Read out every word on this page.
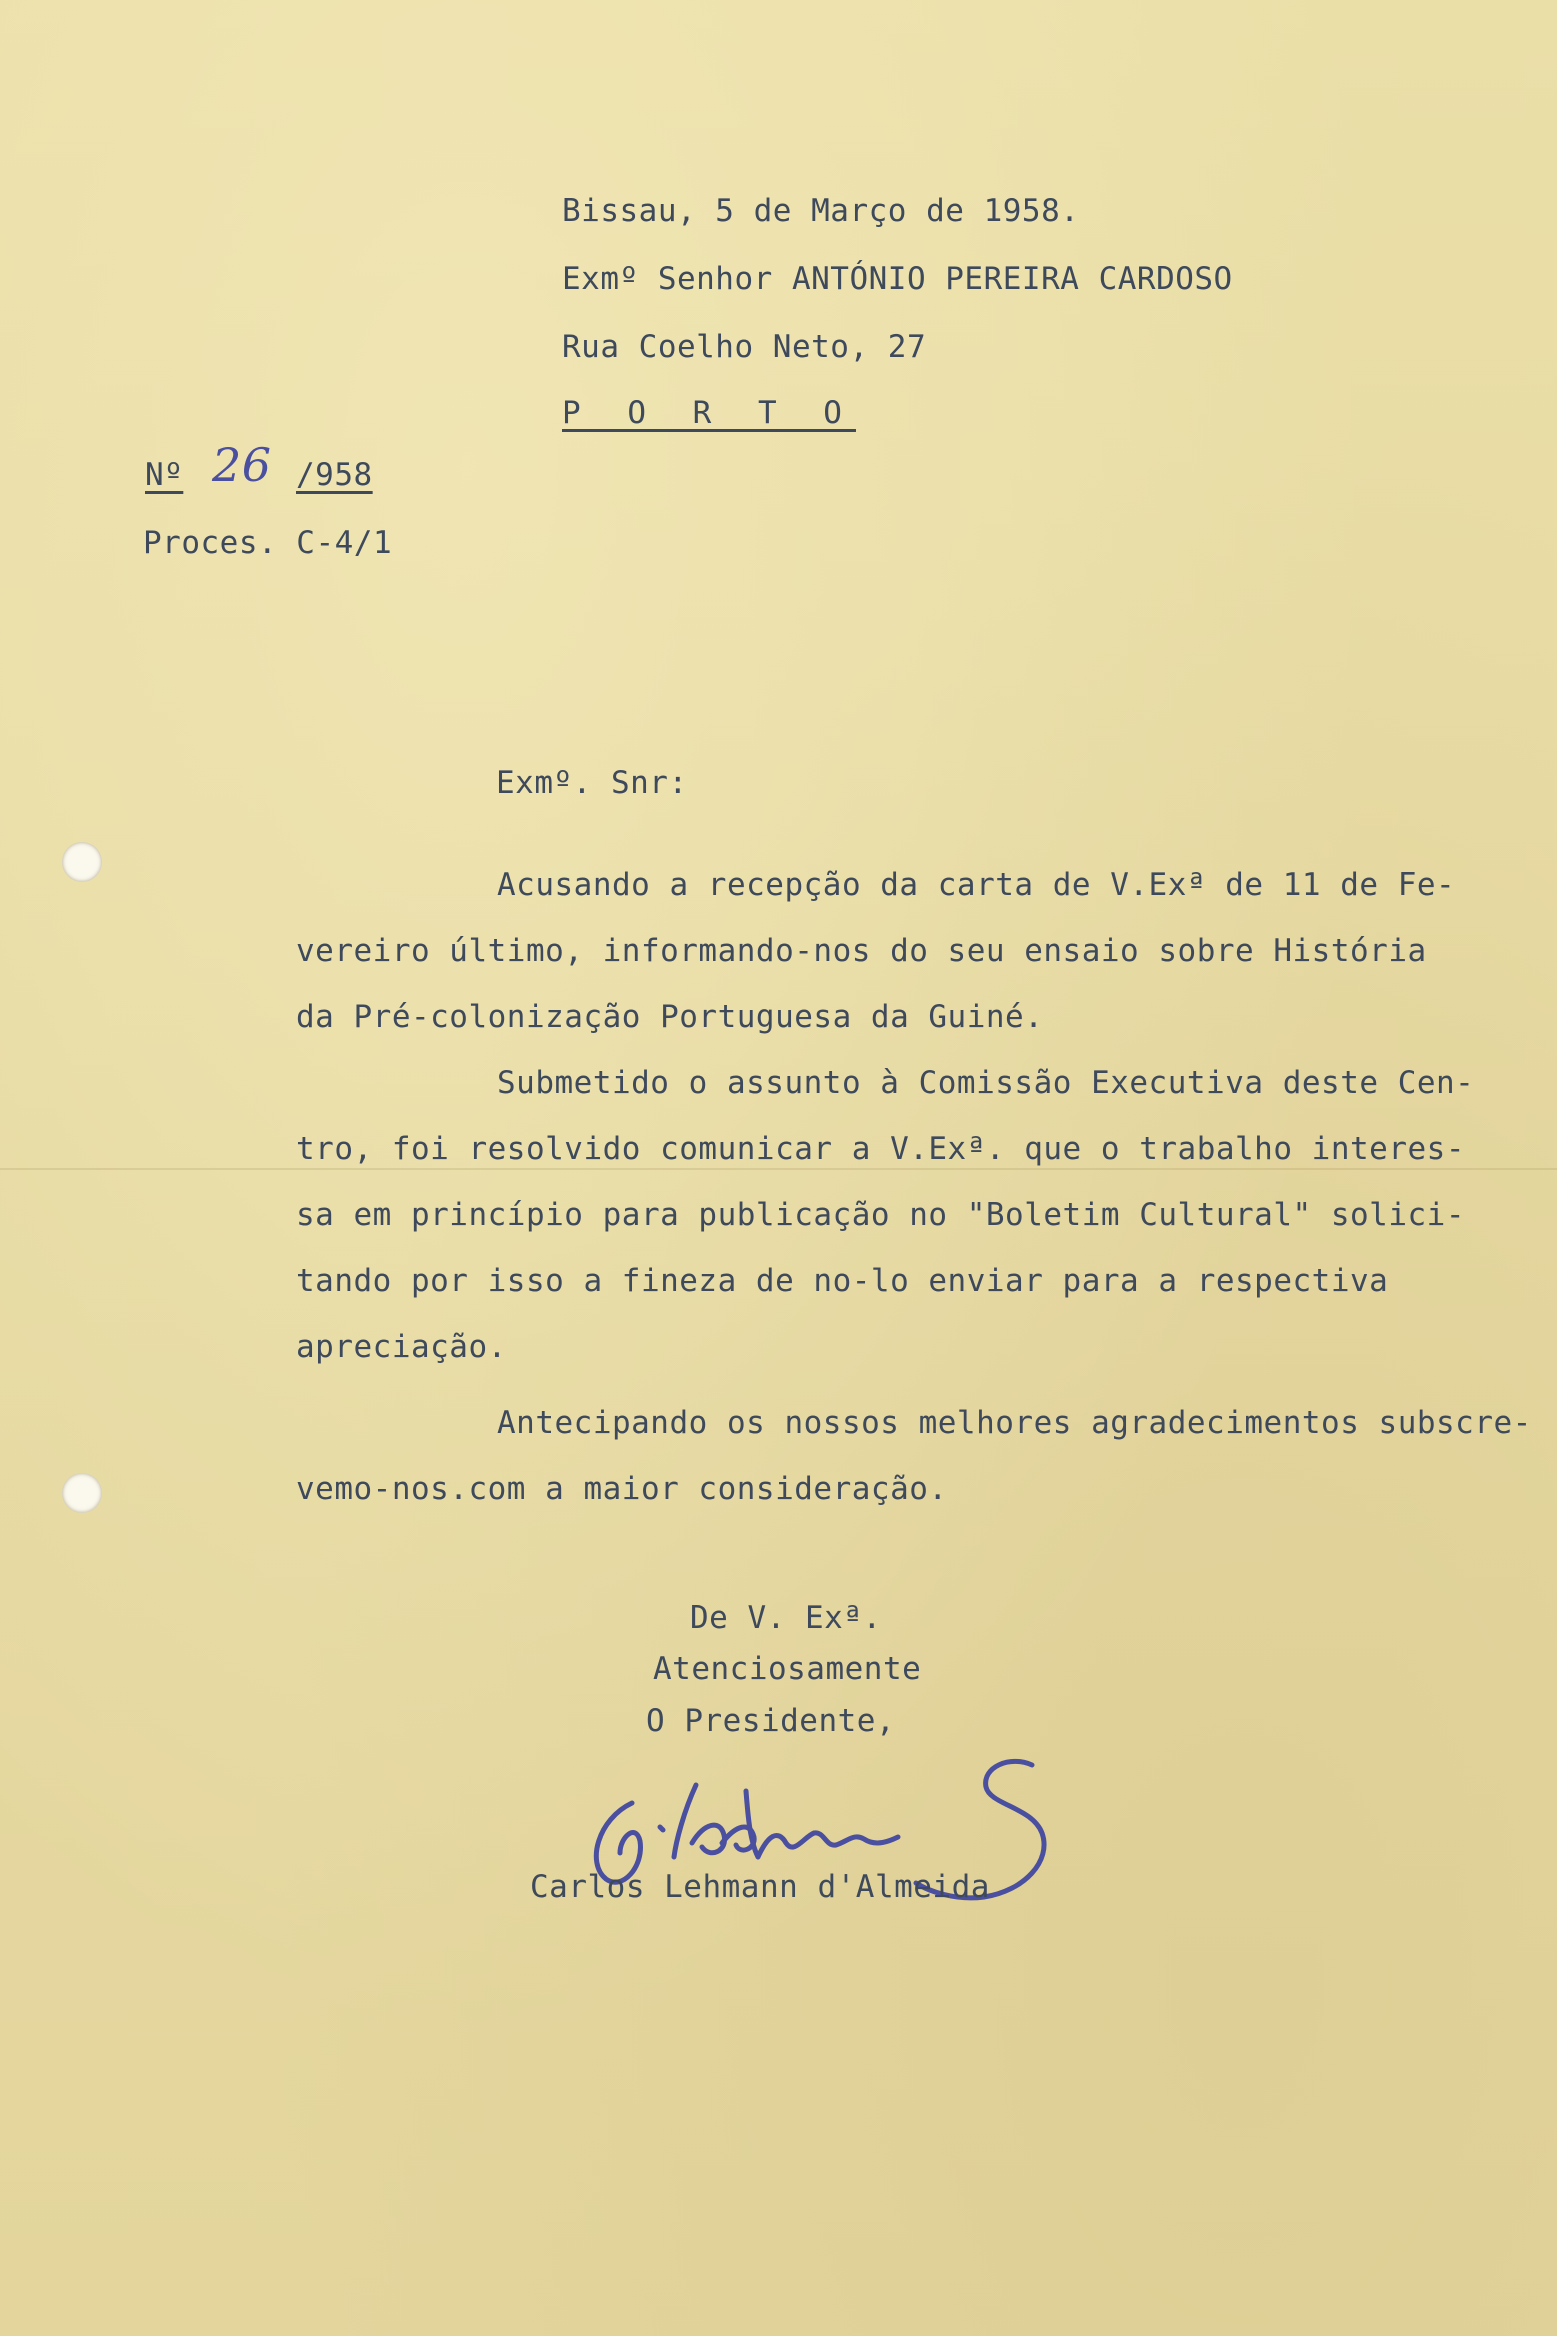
Bissau, 5 de Março de 1958.
Exmº Senhor ANTÓNIO PEREIRA CARDOSO
Rua Coelho Neto, 27
P O R T O
Nº 26 /958
Proces. C-4/1
Exmº. Snr:
Acusando a recepção da carta de V.Exª de 11 de Fe-
vereiro último, informando-nos do seu ensaio sobre História
da Pré-colonização Portuguesa da Guiné.
Submetido o assunto à Comissão Executiva deste Cen-
tro, foi resolvido comunicar a V.Exª. que o trabalho interes-
sa em princípio para publicação no "Boletim Cultural" solici-
tando por isso a fineza de no-lo enviar para a respectiva
apreciação.
Antecipando os nossos melhores agradecimentos subscre-
vemo-nos.com a maior consideração.
De V. Exª.
Atenciosamente
O Presidente,
Carlos Lehmann d'Almeida
